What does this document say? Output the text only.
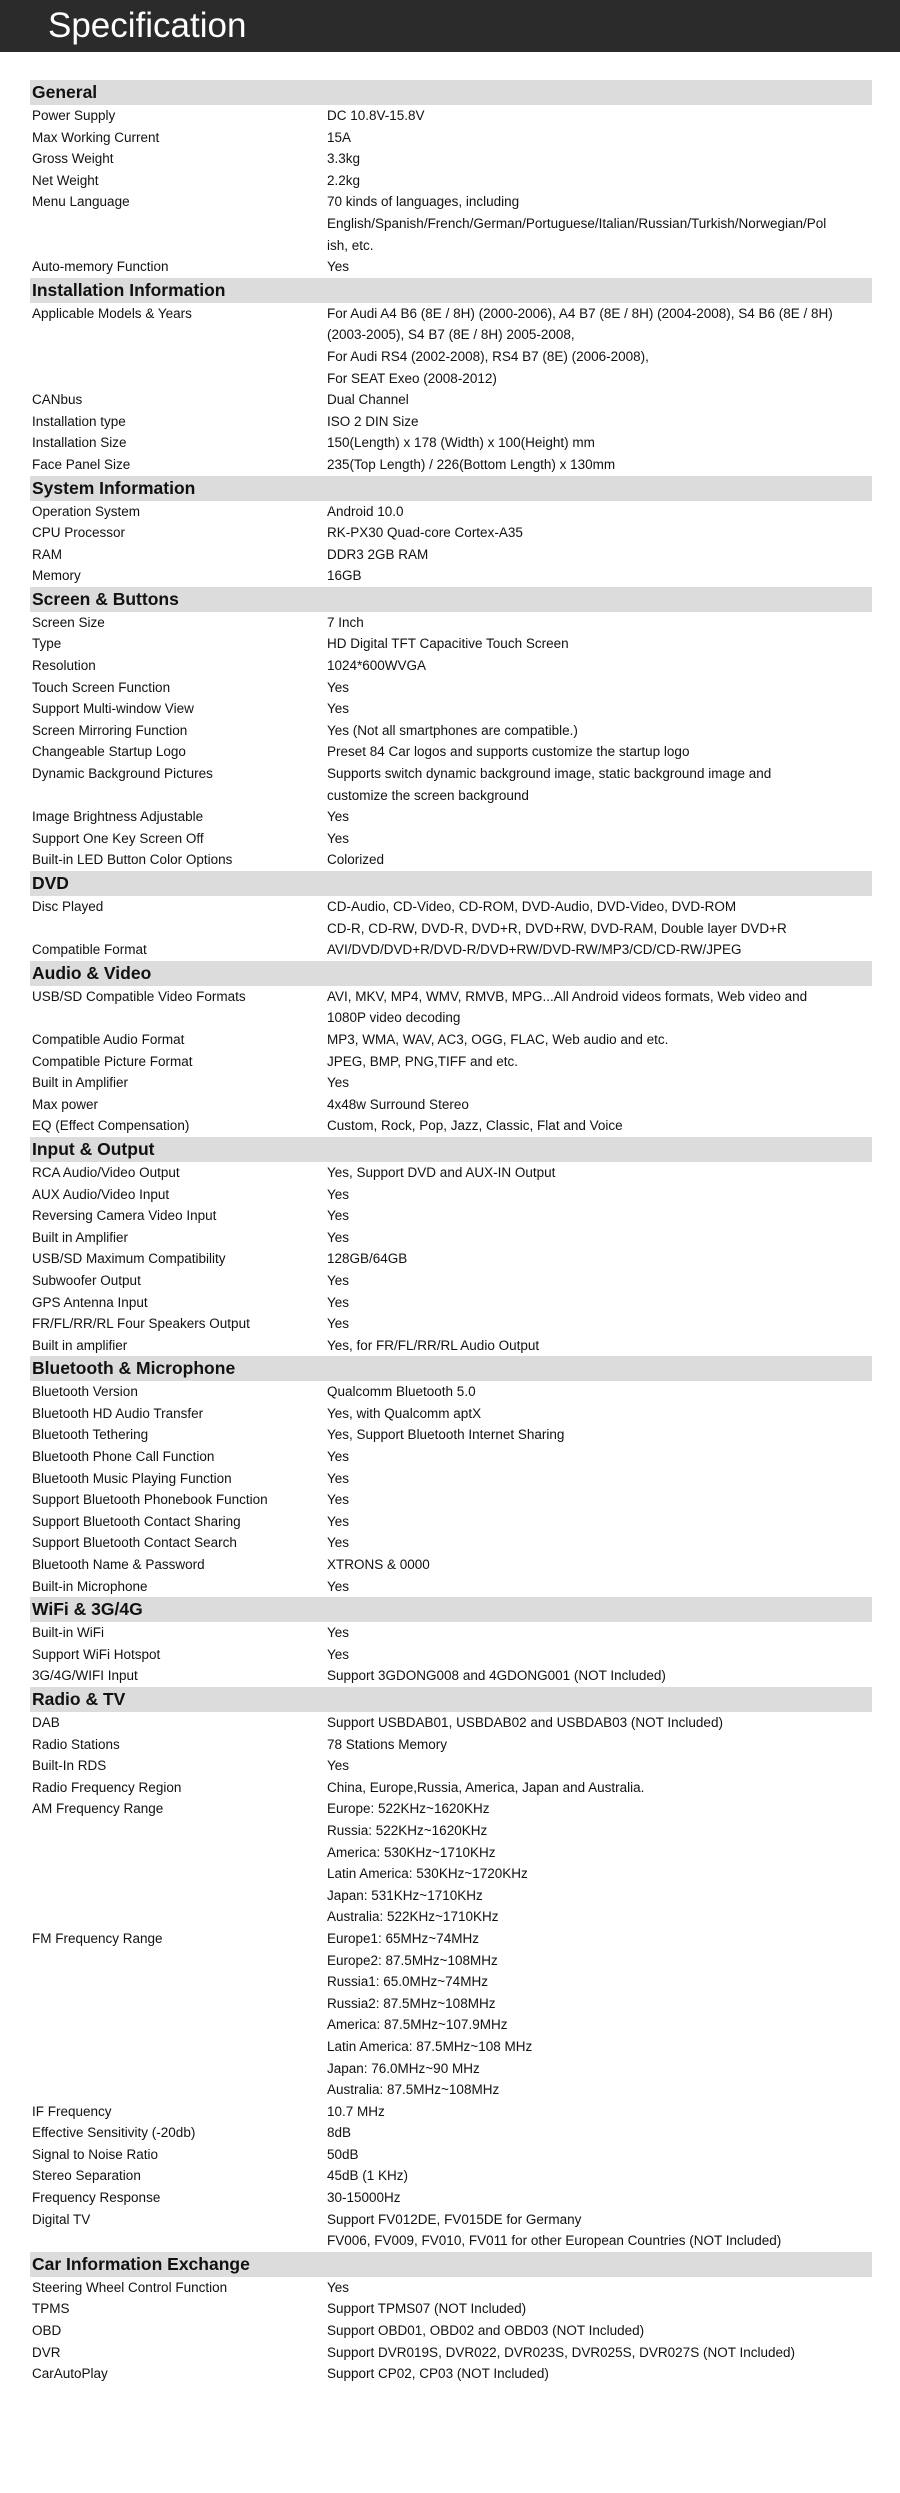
Specification
General
Power Supply	DC 10.8V-15.8V
Max Working Current	15A
Gross Weight	3.3kg
Net Weight	2.2kg
Menu Language	70 kinds of languages, including
English/Spanish/French/German/Portuguese/Italian/Russian/Turkish/Norwegian/Pol
ish, etc.
Auto-memory Function	Yes
Installation Information
Applicable Models & Years	For Audi A4 B6 (8E / 8H) (2000-2006), A4 B7 (8E / 8H) (2004-2008), S4 B6 (8E / 8H)
(2003-2005), S4 B7 (8E / 8H) 2005-2008,
For Audi RS4 (2002-2008), RS4 B7 (8E) (2006-2008),
For SEAT Exeo (2008-2012)
CANbus	Dual Channel
Installation type	ISO 2 DIN Size
Installation Size	150(Length) x 178 (Width) x 100(Height) mm
Face Panel Size	235(Top Length) / 226(Bottom Length) x 130mm
System Information
Operation System	Android 10.0
CPU Processor	RK-PX30 Quad-core Cortex-A35
RAM	DDR3 2GB RAM
Memory	16GB
Screen & Buttons
Screen Size	7 Inch
Type	HD Digital TFT Capacitive Touch Screen
Resolution	1024*600WVGA
Touch Screen Function	Yes
Support Multi-window View	Yes
Screen Mirroring Function	Yes (Not all smartphones are compatible.)
Changeable Startup Logo	Preset 84 Car logos and supports customize the startup logo
Dynamic Background Pictures	Supports switch dynamic background image, static background image and
customize the screen background
Image Brightness Adjustable	Yes
Support One Key Screen Off	Yes
Built-in LED Button Color Options	Colorized
DVD
Disc Played	CD-Audio, CD-Video, CD-ROM, DVD-Audio, DVD-Video, DVD-ROM
CD-R, CD-RW, DVD-R, DVD+R, DVD+RW, DVD-RAM, Double layer DVD+R
Compatible Format	AVI/DVD/DVD+R/DVD-R/DVD+RW/DVD-RW/MP3/CD/CD-RW/JPEG
Audio & Video
USB/SD Compatible Video Formats	AVI, MKV, MP4, WMV, RMVB, MPG...All Android videos formats, Web video and
1080P video decoding
Compatible Audio Format	MP3, WMA, WAV, AC3, OGG, FLAC, Web audio and etc.
Compatible Picture Format	JPEG, BMP, PNG,TIFF and etc.
Built in Amplifier	Yes
Max power	4x48w Surround Stereo
EQ (Effect Compensation)	Custom, Rock, Pop, Jazz, Classic, Flat and Voice
Input & Output
RCA Audio/Video Output	Yes, Support DVD and AUX-IN Output
AUX Audio/Video Input	Yes
Reversing Camera Video Input	Yes
Built in Amplifier	Yes
USB/SD Maximum Compatibility	128GB/64GB
Subwoofer Output	Yes
GPS Antenna Input	Yes
FR/FL/RR/RL Four Speakers Output	Yes
Built in amplifier	Yes, for FR/FL/RR/RL Audio Output
Bluetooth & Microphone
Bluetooth Version	Qualcomm Bluetooth 5.0
Bluetooth HD Audio Transfer	Yes, with Qualcomm aptX
Bluetooth Tethering	Yes, Support Bluetooth Internet Sharing
Bluetooth Phone Call Function	Yes
Bluetooth Music Playing Function	Yes
Support Bluetooth Phonebook Function	Yes
Support Bluetooth Contact Sharing	Yes
Support Bluetooth Contact Search	Yes
Bluetooth Name & Password	XTRONS & 0000
Built-in Microphone	Yes
WiFi & 3G/4G
Built-in WiFi	Yes
Support WiFi Hotspot	Yes
3G/4G/WIFI Input	Support 3GDONG008 and 4GDONG001 (NOT Included)
Radio & TV
DAB	Support USBDAB01, USBDAB02 and USBDAB03 (NOT Included)
Radio Stations	78 Stations Memory
Built-In RDS	Yes
Radio Frequency Region	China, Europe,Russia, America, Japan and Australia.
AM Frequency Range	Europe: 522KHz~1620KHz
Russia: 522KHz~1620KHz
America: 530KHz~1710KHz
Latin America: 530KHz~1720KHz
Japan: 531KHz~1710KHz
Australia: 522KHz~1710KHz
FM Frequency Range	Europe1: 65MHz~74MHz
Europe2: 87.5MHz~108MHz
Russia1: 65.0MHz~74MHz
Russia2: 87.5MHz~108MHz
America: 87.5MHz~107.9MHz
Latin America: 87.5MHz~108 MHz
Japan: 76.0MHz~90 MHz
Australia: 87.5MHz~108MHz
IF Frequency	10.7 MHz
Effective Sensitivity (-20db)	8dB
Signal to Noise Ratio	50dB
Stereo Separation	45dB (1 KHz)
Frequency Response	30-15000Hz
Digital TV	Support FV012DE, FV015DE for Germany
FV006, FV009, FV010, FV011 for other European Countries (NOT Included)
Car Information Exchange
Steering Wheel Control Function	Yes
TPMS	Support TPMS07 (NOT Included)
OBD	Support OBD01, OBD02 and OBD03 (NOT Included)
DVR	Support DVR019S, DVR022, DVR023S, DVR025S, DVR027S (NOT Included)
CarAutoPlay	Support CP02, CP03 (NOT Included)
